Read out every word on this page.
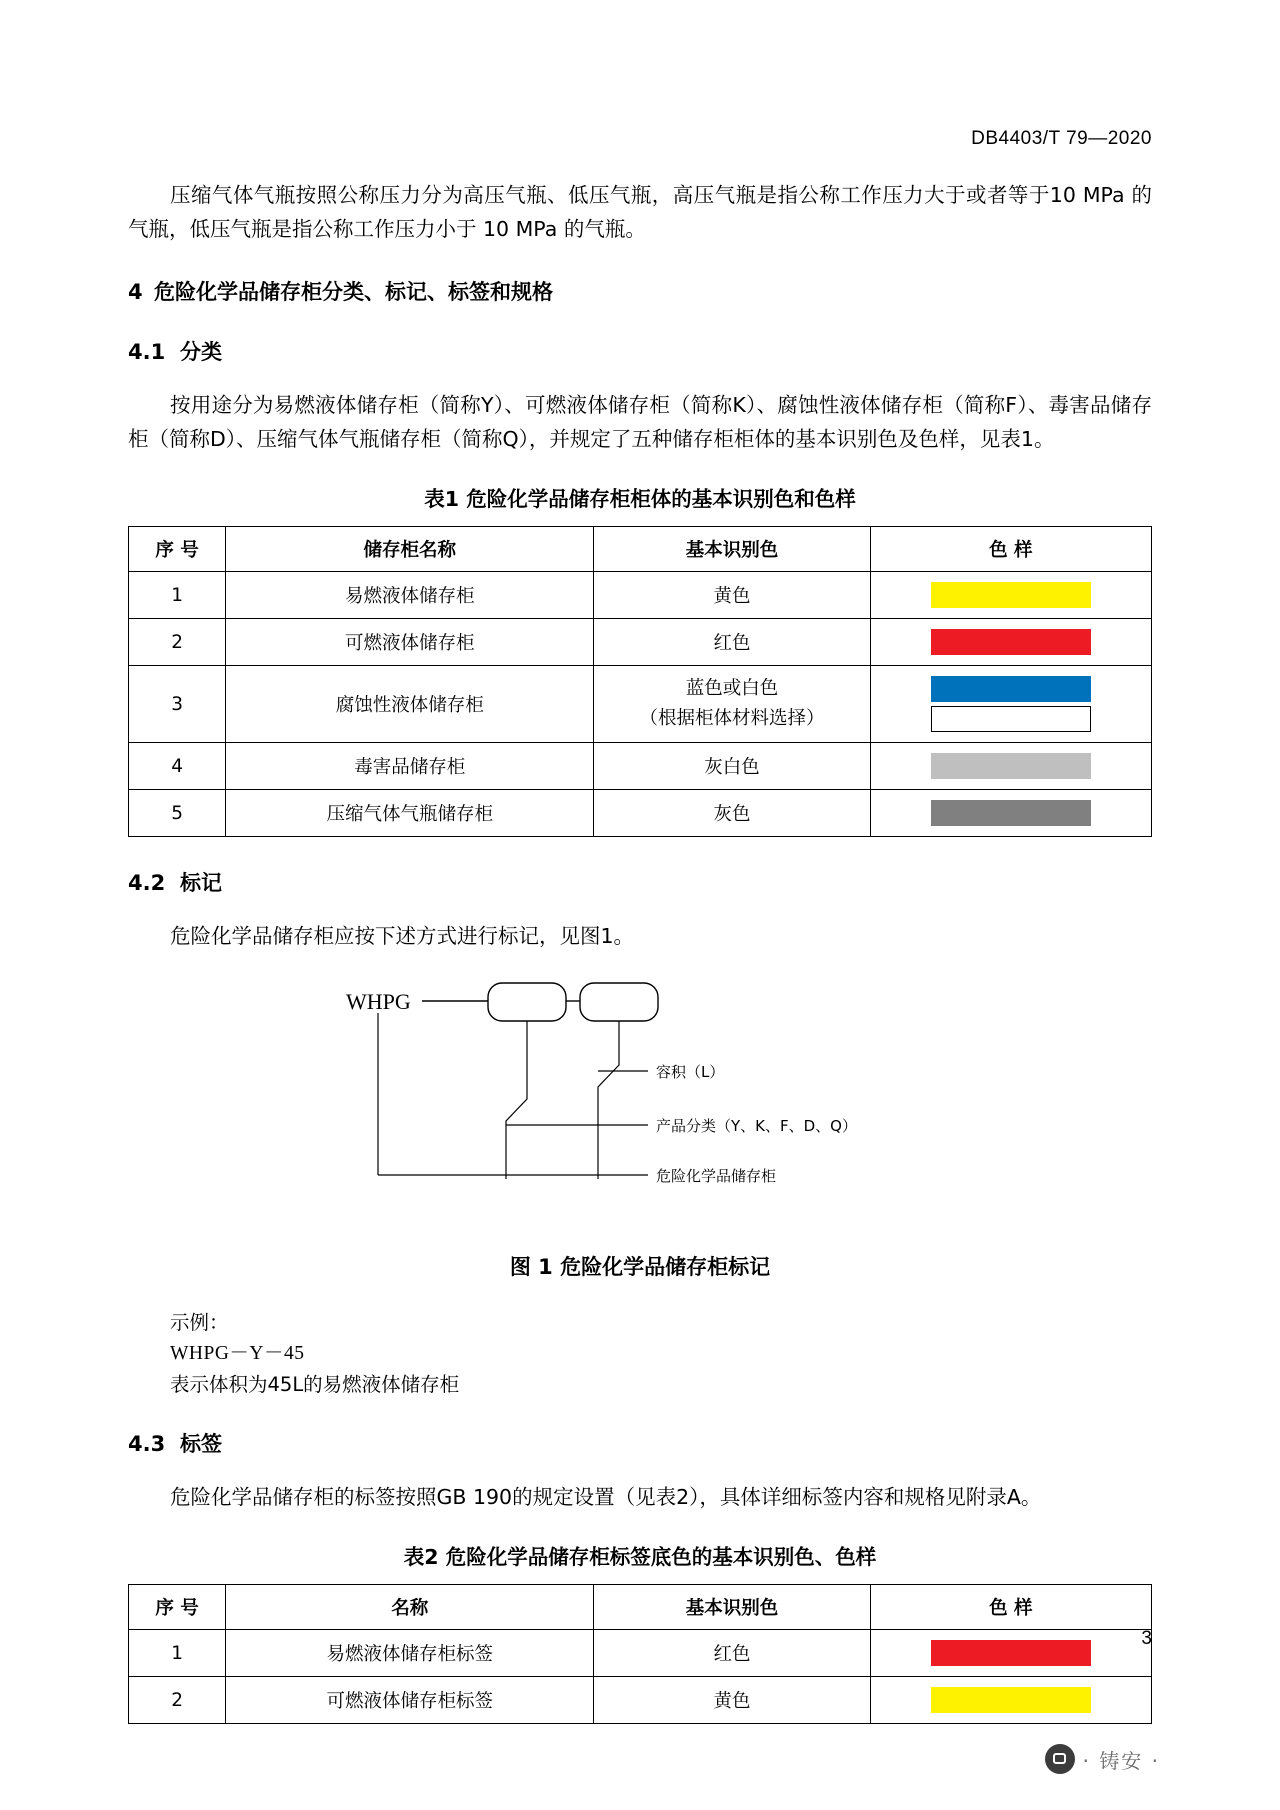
DB4403/T 79—2020

压缩气体气瓶按照公称压力分为高压气瓶、低压气瓶，高压气瓶是指公称工作压力大于或者等于10 MPa 的气瓶，低压气瓶是指公称工作压力小于 10 MPa 的气瓶。

4 危险化学品储存柜分类、标记、标签和规格
4.1 分类

按用途分为易燃液体储存柜（简称Y）、可燃液体储存柜（简称K）、腐蚀性液体储存柜（简称F）、毒害品储存柜（简称D）、压缩气体气瓶储存柜（简称Q），并规定了五种储存柜柜体的基本识别色及色样，见表1。

表1 危险化学品储存柜柜体的基本识别色和色样
序 号	储存柜名称	基本识别色	色 样
1	易燃液体储存柜	黄色	

2	可燃液体储存柜	红色	

3	腐蚀性液体储存柜	蓝色或白色
（根据柜体材料选择）	

4	毒害品储存柜	灰白色	

5	压缩气体气瓶储存柜	灰色	
4.2 标记

危险化学品储存柜应按下述方式进行标记，见图1。

WHPG
容积（L）
产品分类（Y、K、F、D、Q）
危险化学品储存柜
图 1 危险化学品储存柜标记
示例：
WHPG－Y－45
表示体积为45L的易燃液体储存柜
4.3 标签

危险化学品储存柜的标签按照GB 190的规定设置（见表2），具体详细标签内容和规格见附录A。

表2 危险化学品储存柜标签底色的基本识别色、色样
序 号	名称	基本识别色	色 样
1	易燃液体储存柜标签	红色	

2	可燃液体储存柜标签	黄色	
3
· 铸安 ·
